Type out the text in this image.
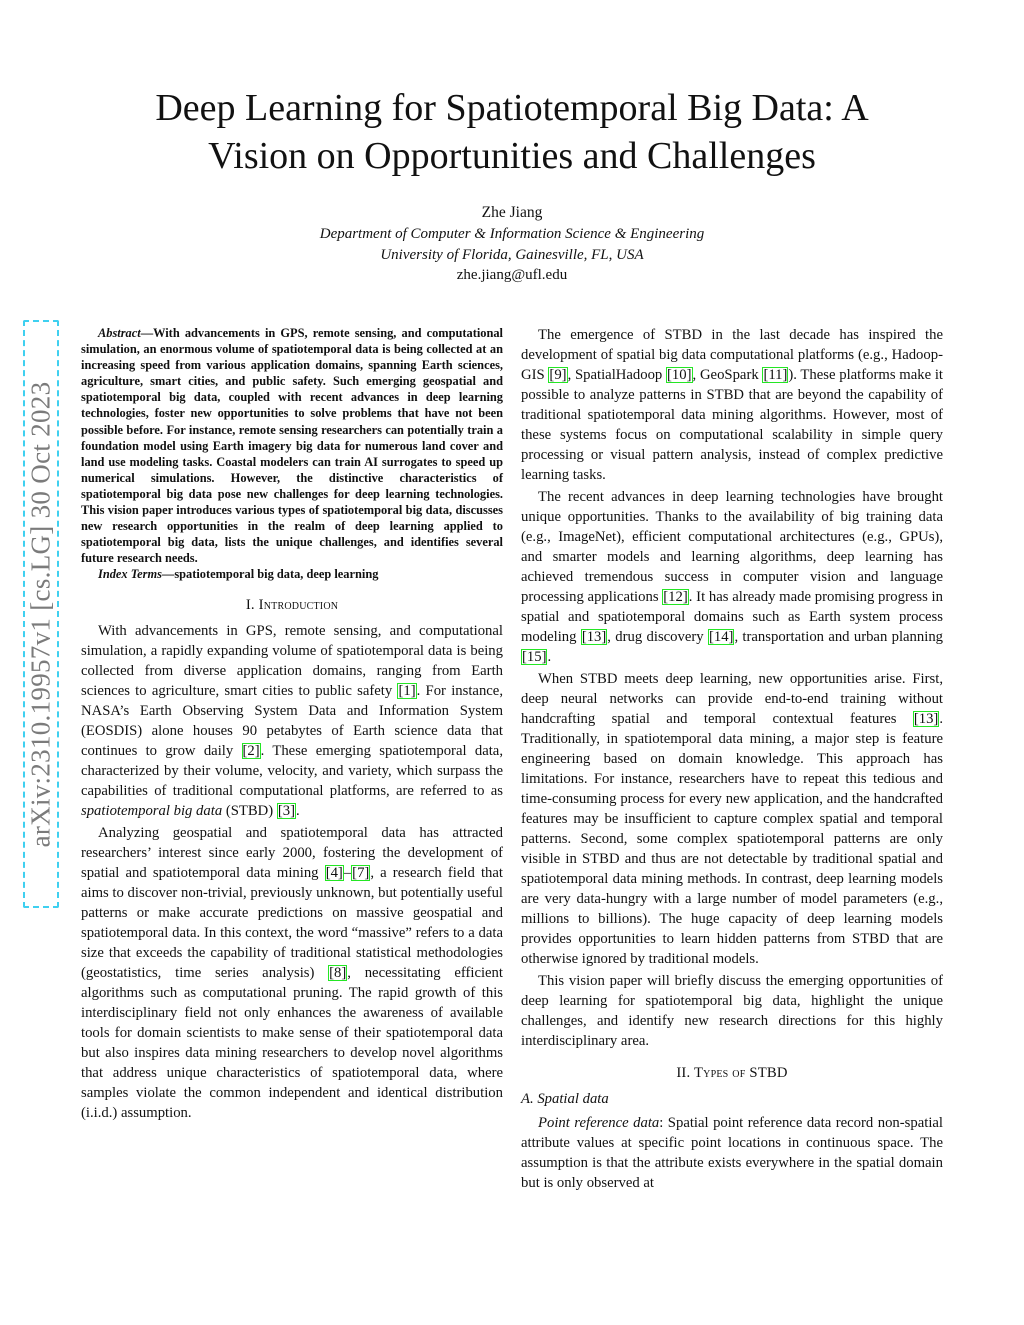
Deep Learning for Spatiotemporal Big Data: A
Vision on Opportunities and Challenges
Zhe Jiang
Department of Computer & Information Science & Engineering
University of Florida, Gainesville, FL, USA
zhe.jiang@ufl.edu
arXiv:2310.19957v1 [cs.LG] 30 Oct 2023

Abstract—With advancements in GPS, remote sensing, and computational simulation, an enormous volume of spatiotemporal data is being collected at an increasing speed from various application domains, spanning Earth sciences, agriculture, smart cities, and public safety. Such emerging geospatial and spatiotemporal big data, coupled with recent advances in deep learning technologies, foster new opportunities to solve problems that have not been possible before. For instance, remote sensing researchers can potentially train a foundation model using Earth imagery big data for numerous land cover and land use modeling tasks. Coastal modelers can train AI surrogates to speed up numerical simulations. However, the distinctive characteristics of spatiotemporal big data pose new challenges for deep learning technologies. This vision paper introduces various types of spatiotemporal big data, discusses new research opportunities in the realm of deep learning applied to spatiotemporal big data, lists the unique challenges, and identifies several future research needs.

Index Terms—spatiotemporal big data, deep learning

I. Introduction

With advancements in GPS, remote sensing, and computational simulation, a rapidly expanding volume of spatiotemporal data is being collected from diverse application domains, ranging from Earth sciences to agriculture, smart cities to public safety [1]. For instance, NASA’s Earth Observing System Data and Information System (EOSDIS) alone houses 90 petabytes of Earth science data that continues to grow daily [2]. These emerging spatiotemporal data, characterized by their volume, velocity, and variety, which surpass the capabilities of traditional computational platforms, are referred to as spatiotemporal big data (STBD) [3].

Analyzing geospatial and spatiotemporal data has attracted researchers’ interest since early 2000, fostering the development of spatial and spatiotemporal data mining [4]–[7], a research field that aims to discover non-trivial, previously unknown, but potentially useful patterns or make accurate predictions on massive geospatial and spatiotemporal data. In this context, the word “massive” refers to a data size that exceeds the capability of traditional statistical methodologies (geostatistics, time series analysis) [8], necessitating efficient algorithms such as computational pruning. The rapid growth of this interdisciplinary field not only enhances the awareness of available tools for domain scientists to make sense of their spatiotemporal data but also inspires data mining researchers to develop novel algorithms that address unique characteristics of spatiotemporal data, where samples violate the common independent and identical distribution (i.i.d.) assumption.

The emergence of STBD in the last decade has inspired the development of spatial big data computational platforms (e.g., Hadoop-GIS [9], SpatialHadoop [10], GeoSpark [11]). These platforms make it possible to analyze patterns in STBD that are beyond the capability of traditional spatiotemporal data mining algorithms. However, most of these systems focus on computational scalability in simple query processing or visual pattern analysis, instead of complex predictive learning tasks.

The recent advances in deep learning technologies have brought unique opportunities. Thanks to the availability of big training data (e.g., ImageNet), efficient computational architectures (e.g., GPUs), and smarter models and learning algorithms, deep learning has achieved tremendous success in computer vision and language processing applications [12]. It has already made promising progress in spatial and spatiotemporal domains such as Earth system process modeling [13], drug discovery [14], transportation and urban planning [15].

When STBD meets deep learning, new opportunities arise. First, deep neural networks can provide end-to-end training without handcrafting spatial and temporal contextual features [13]. Traditionally, in spatiotemporal data mining, a major step is feature engineering based on domain knowledge. This approach has limitations. For instance, researchers have to repeat this tedious and time-consuming process for every new application, and the handcrafted features may be insufficient to capture complex spatial and temporal patterns. Second, some complex spatiotemporal patterns are only visible in STBD and thus are not detectable by traditional spatial and spatiotemporal data mining methods. In contrast, deep learning models are very data-hungry with a large number of model parameters (e.g., millions to billions). The huge capacity of deep learning models provides opportunities to learn hidden patterns from STBD that are otherwise ignored by traditional models.

This vision paper will briefly discuss the emerging opportunities of deep learning for spatiotemporal big data, highlight the unique challenges, and identify new research directions for this highly interdisciplinary area.

II. Types of STBD
A. Spatial data

Point reference data: Spatial point reference data record non-spatial attribute values at specific point locations in continuous space. The assumption is that the attribute exists everywhere in the spatial domain but is only observed at
